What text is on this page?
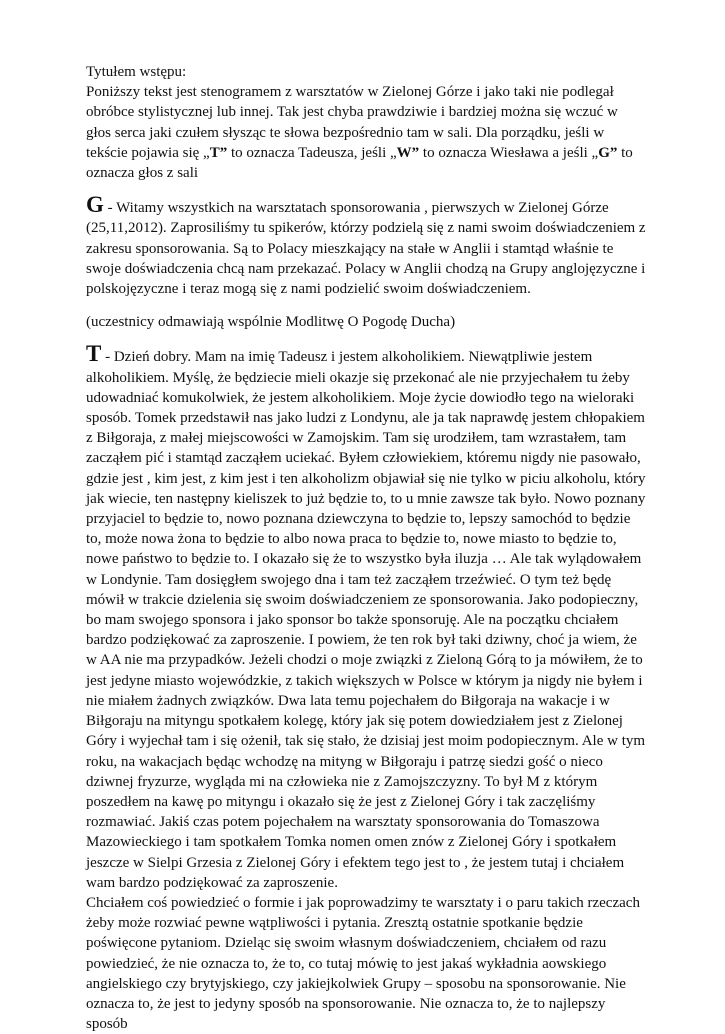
Tytułem wstępu:
Poniższy tekst jest stenogramem z warsztatów w Zielonej Górze i jako taki nie podlegał obróbce stylistycznej lub innej. Tak jest chyba prawdziwie i bardziej można się wczuć w głos serca jaki czułem słysząc te słowa bezpośrednio tam w sali. Dla porządku, jeśli w tekście pojawia się „T” to oznacza Tadeusza, jeśli „W” to oznacza Wiesława a jeśli „G” to oznacza głos z sali

G - Witamy wszystkich na warsztatach sponsorowania , pierwszych w Zielonej Górze (25,11,2012). Zaprosiliśmy tu spikerów, którzy podzielą się z nami swoim doświadczeniem z zakresu sponsorowania. Są to Polacy mieszkający na stałe w Anglii i stamtąd właśnie te swoje doświadczenia chcą nam przekazać. Polacy w Anglii chodzą na Grupy anglojęzyczne i polskojęzyczne i teraz mogą się z nami podzielić swoim doświadczeniem.

(uczestnicy odmawiają wspólnie Modlitwę O Pogodę Ducha)

T - Dzień dobry. Mam na imię Tadeusz i jestem alkoholikiem. Niewątpliwie jestem alkoholikiem. Myślę, że będziecie mieli okazje się przekonać ale nie przyjechałem tu żeby udowadniać komukolwiek, że jestem alkoholikiem. Moje życie dowiodło tego na wieloraki sposób. Tomek przedstawił nas jako ludzi z Londynu, ale ja tak naprawdę jestem chłopakiem z Biłgoraja, z małej miejscowości w Zamojskim. Tam się urodziłem, tam wzrastałem, tam zacząłem pić i stamtąd zacząłem uciekać. Byłem człowiekiem, któremu nigdy nie pasowało, gdzie jest , kim jest, z kim jest i ten alkoholizm objawiał się nie tylko w piciu alkoholu, który jak wiecie, ten następny kieliszek to już będzie to, to u mnie zawsze tak było. Nowo poznany przyjaciel to będzie to, nowo poznana dziewczyna to będzie to, lepszy samochód to będzie to, może nowa żona to będzie to albo nowa praca to będzie to, nowe miasto to będzie to, nowe państwo to będzie to. I okazało się że to wszystko była iluzja … Ale tak wylądowałem w Londynie. Tam dosięgłem swojego dna i tam też zacząłem trzeźwieć. O tym też będę mówił w trakcie dzielenia się swoim doświadczeniem ze sponsorowania. Jako podopieczny, bo mam swojego sponsora i jako sponsor bo także sponsoruję. Ale na początku chciałem bardzo podziękować za zaproszenie. I powiem, że ten rok był taki dziwny, choć ja wiem, że w AA nie ma przypadków. Jeżeli chodzi o moje związki z Zieloną Górą to ja mówiłem, że to jest jedyne miasto wojewódzkie, z takich większych w Polsce w którym ja nigdy nie byłem i nie miałem żadnych związków. Dwa lata temu pojechałem do Biłgoraja na wakacje i w Biłgoraju na mityngu spotkałem kolegę, który jak się potem dowiedziałem jest z Zielonej Góry i wyjechał tam i się ożenił, tak się stało, że dzisiaj jest moim podopiecznym. Ale w tym roku, na wakacjach będąc wchodzę na mityng w Biłgoraju i patrzę siedzi gość o nieco dziwnej fryzurze, wygląda mi na człowieka nie z Zamojszczyzny. To był M z którym poszedłem na kawę po mityngu i okazało się że jest z Zielonej Góry i tak zaczęliśmy rozmawiać. Jakiś czas potem pojechałem na warsztaty sponsorowania do Tomaszowa Mazowieckiego i tam spotkałem Tomka nomen omen znów z Zielonej Góry i spotkałem jeszcze w Sielpi Grzesia z Zielonej Góry i efektem tego jest to , że jestem tutaj i chciałem wam bardzo podziękować za zaproszenie.

Chciałem coś powiedzieć o formie i jak poprowadzimy te warsztaty i o paru takich rzeczach żeby może rozwiać pewne wątpliwości i pytania. Zresztą ostatnie spotkanie będzie poświęcone pytaniom. Dzieląc się swoim własnym doświadczeniem, chciałem od razu powiedzieć, że nie oznacza to, że to, co tutaj mówię to jest jakaś wykładnia aowskiego angielskiego czy brytyjskiego, czy jakiejkolwiek Grupy – sposobu na sponsorowanie. Nie oznacza to, że jest to jedyny sposób na sponsorowanie. Nie oznacza to, że to najlepszy sposób
